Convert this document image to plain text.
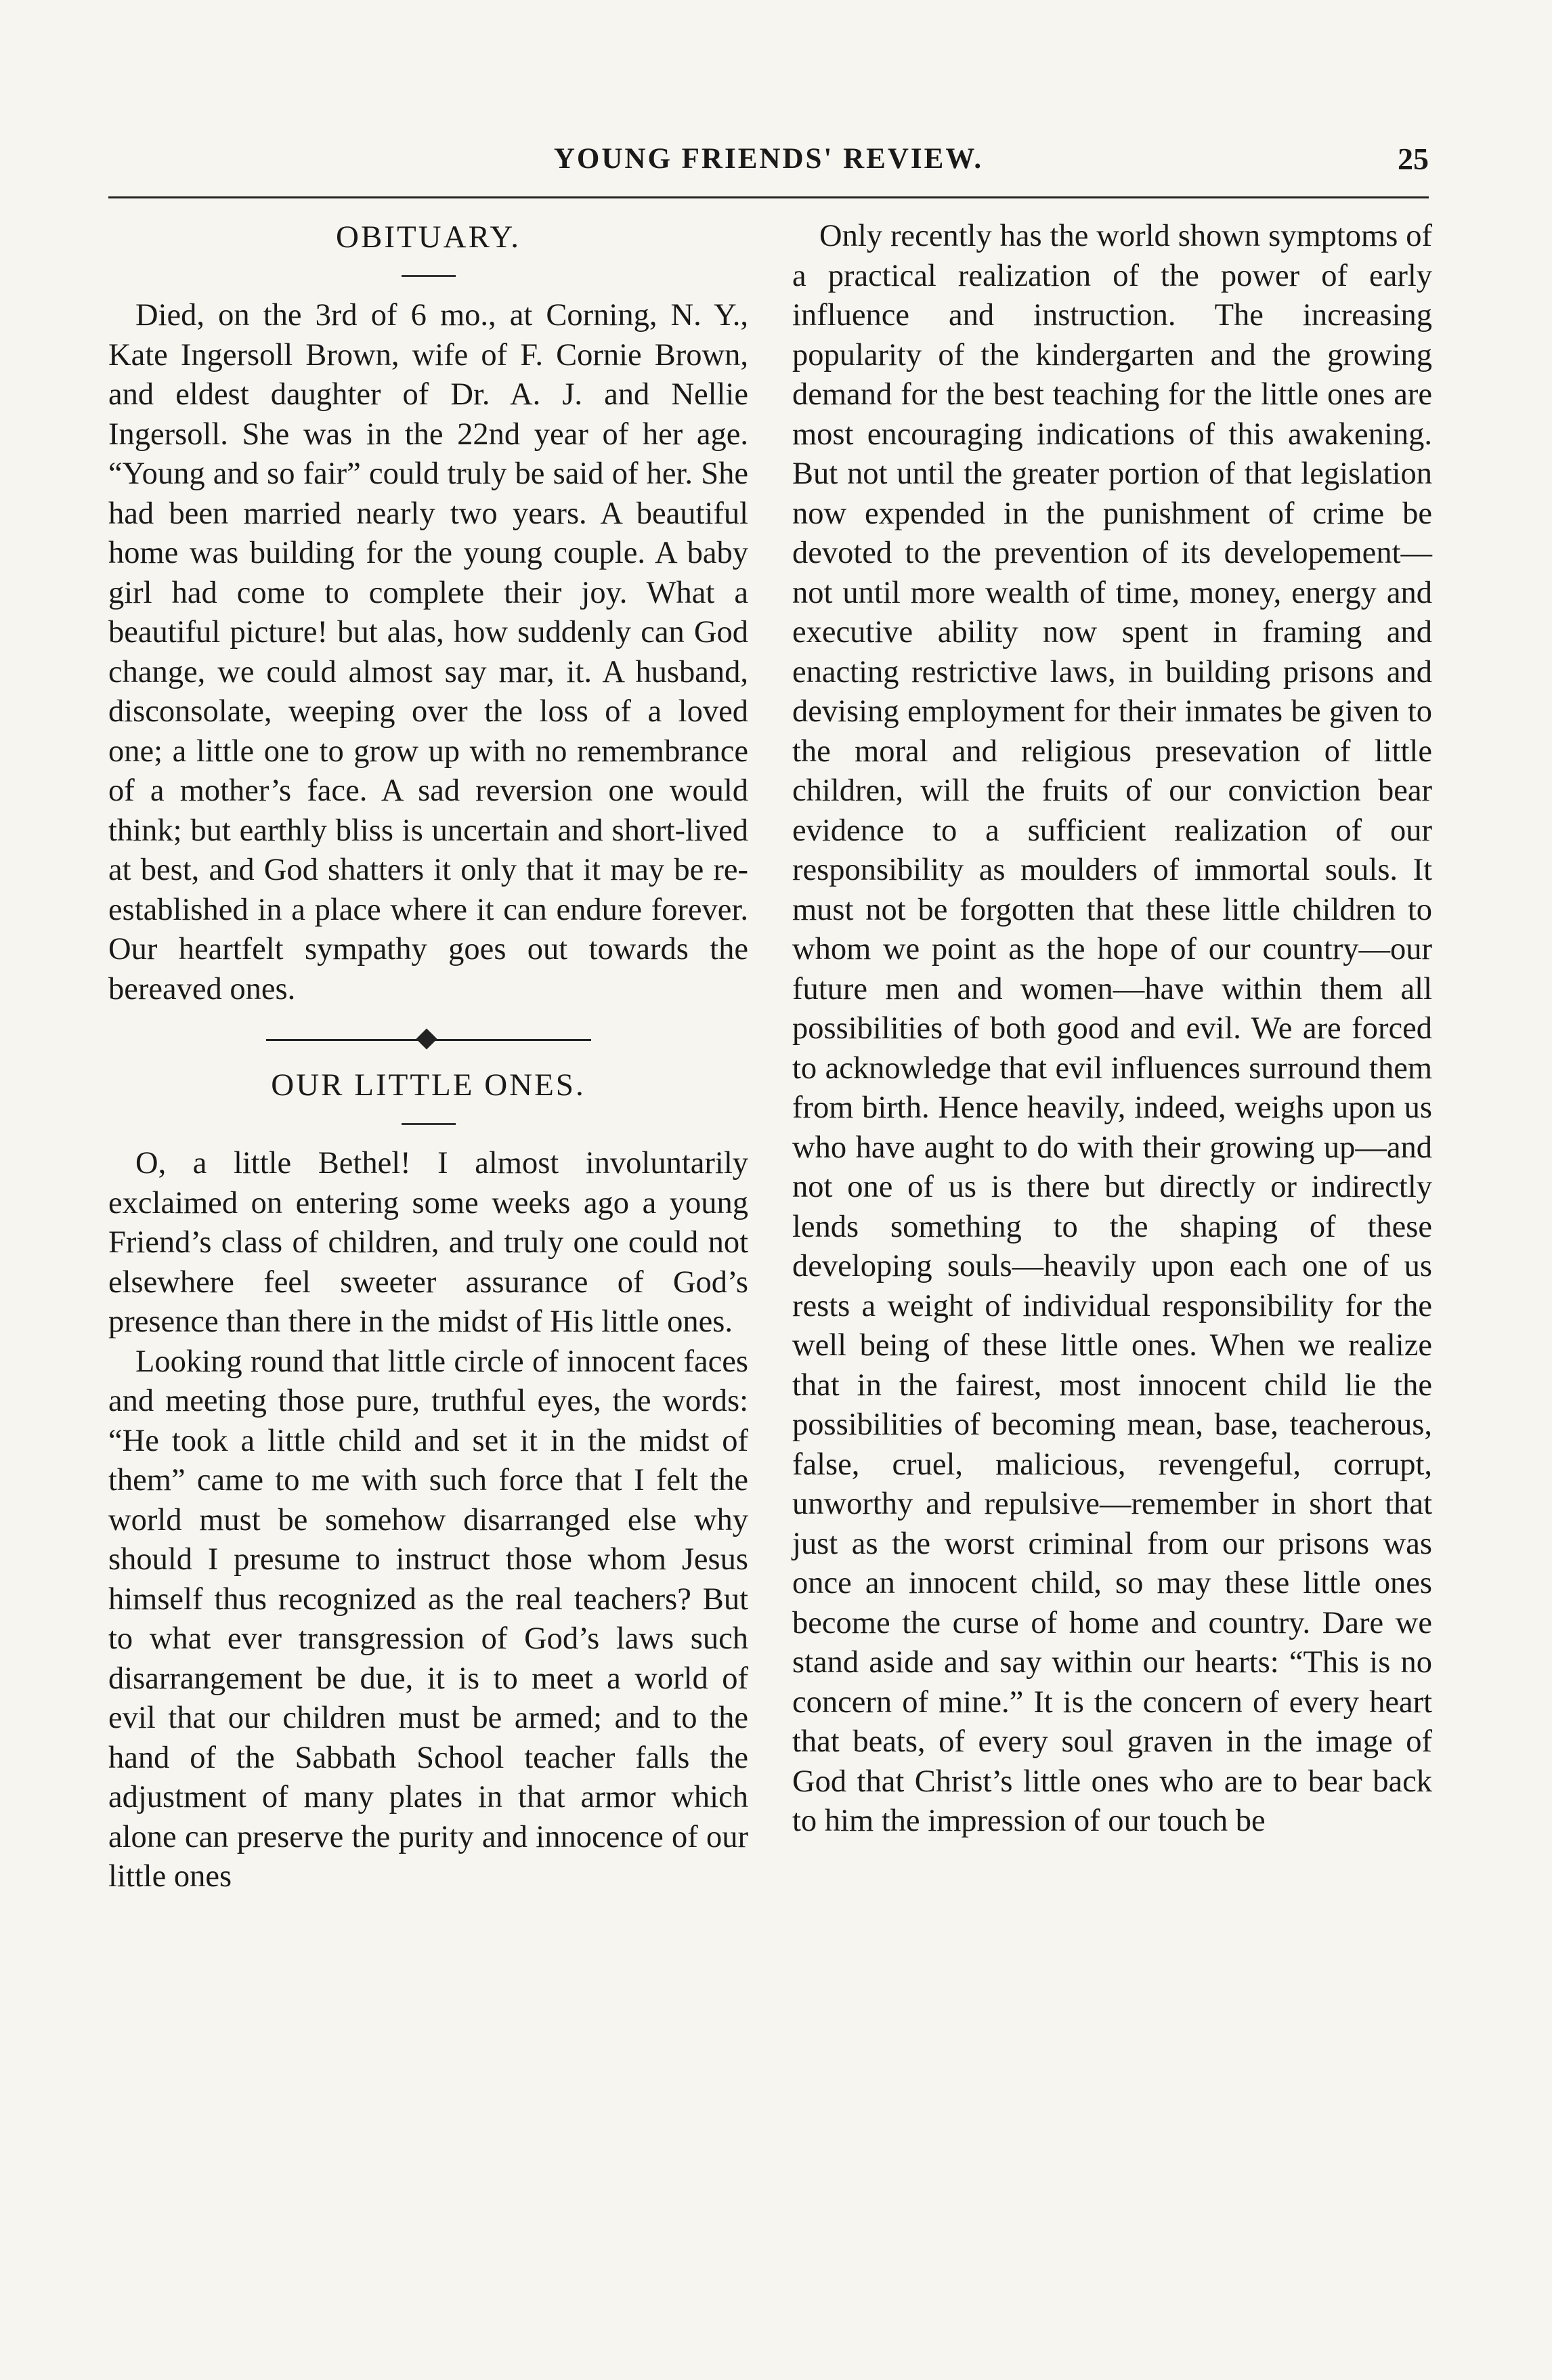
YOUNG FRIENDS' REVIEW.	25
OBITUARY.

Died, on the 3rd of 6 mo., at Corning, N. Y., Kate Ingersoll Brown, wife of F. Cornie Brown, and eldest daughter of Dr. A. J. and Nellie Ingersoll. She was in the 22nd year of her age. “Young and so fair” could truly be said of her. She had been married nearly two years. A beautiful home was building for the young couple. A baby girl had come to complete their joy. What a beautiful picture! but alas, how suddenly can God change, we could almost say mar, it. A husband, disconsolate, weeping over the loss of a loved one; a little one to grow up with no remembrance of a mother’s face. A sad reversion one would think; but earthly bliss is uncertain and short-lived at best, and God shatters it only that it may be re-established in a place where it can endure forever. Our heartfelt sympathy goes out towards the bereaved ones.

OUR LITTLE ONES.

O, a little Bethel! I almost involuntarily exclaimed on entering some weeks ago a young Friend’s class of children, and truly one could not elsewhere feel sweeter assurance of God’s presence than there in the midst of His little ones.

Looking round that little circle of innocent faces and meeting those pure, truthful eyes, the words: “He took a little child and set it in the midst of them” came to me with such force that I felt the world must be somehow disarranged else why should I presume to instruct those whom Jesus himself thus recognized as the real teachers? But to what ever transgression of God’s laws such disarrangement be due, it is to meet a world of evil that our children must be armed; and to the hand of the Sabbath School teacher falls the adjustment of many plates in that armor which alone can preserve the purity and innocence of our little ones

Only recently has the world shown symptoms of a practical realization of the power of early influence and instruction. The increasing popularity of the kindergarten and the growing demand for the best teaching for the little ones are most encouraging indications of this awakening. But not until the greater portion of that legislation now expended in the punishment of crime be devoted to the prevention of its developement—not until more wealth of time, money, energy and executive ability now spent in framing and enacting restrictive laws, in building prisons and devising employment for their inmates be given to the moral and religious presevation of little children, will the fruits of our conviction bear evidence to a sufficient realization of our responsibility as moulders of immortal souls. It must not be forgotten that these little children to whom we point as the hope of our country—our future men and women—have within them all possibilities of both good and evil. We are forced to acknowledge that evil influences surround them from birth. Hence heavily, indeed, weighs upon us who have aught to do with their growing up—and not one of us is there but directly or indirectly lends something to the shaping of these developing souls—heavily upon each one of us rests a weight of individual responsibility for the well being of these little ones. When we realize that in the fairest, most innocent child lie the possibilities of becoming mean, base, teacherous, false, cruel, malicious, revengeful, corrupt, unworthy and repulsive—remember in short that just as the worst criminal from our prisons was once an innocent child, so may these little ones become the curse of home and country. Dare we stand aside and say within our hearts: “This is no concern of mine.” It is the concern of every heart that beats, of every soul graven in the image of God that Christ’s little ones who are to bear back to him the impression of our touch be
